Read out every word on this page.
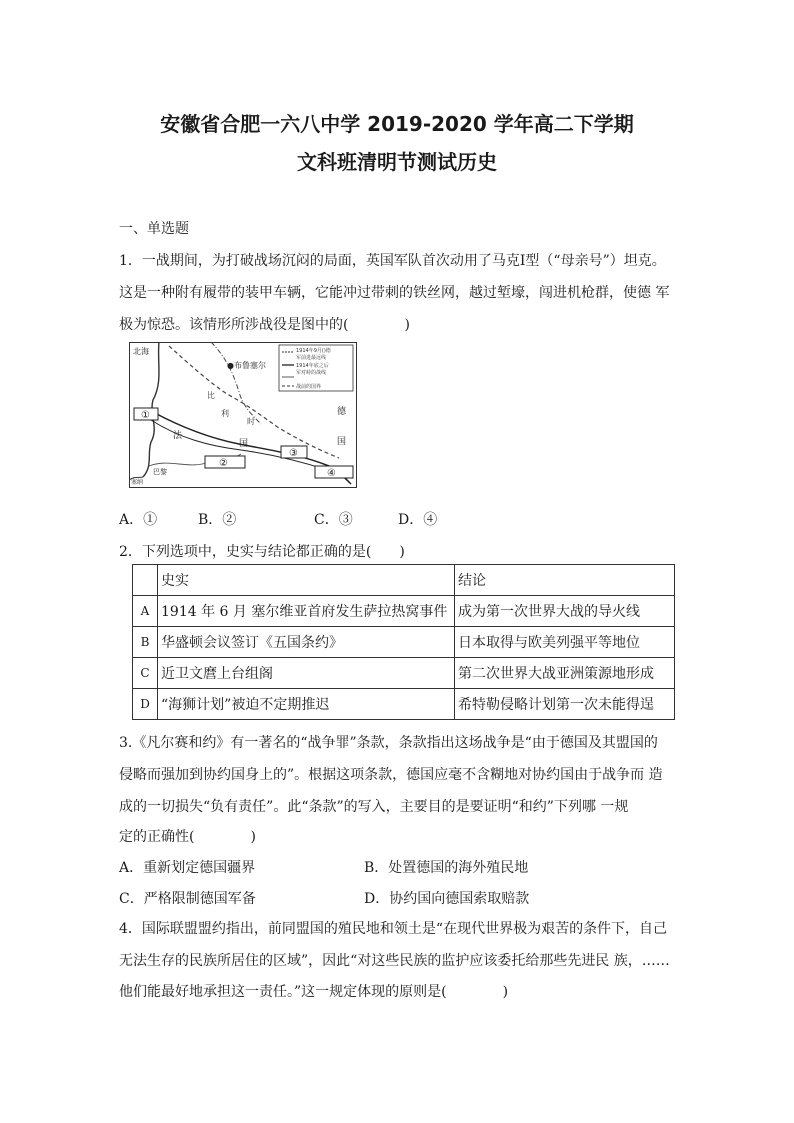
安徽省合肥一六八中学 2019-2020 学年高二下学期
文科班清明节测试历史
一、单选题
1．一战期间，为打破战场沉闷的局面，英国军队首次动用了马克Ⅰ型（“母亲号”）坦克。
这是一种附有履带的装甲车辆，它能冲过带刺的铁丝网，越过堑壕，闯进机枪群，使德 军
极为惊恐。该情形所涉战役是图中的(　　　　)
1914年9月()德
军前进最远线
1914年底之后
军对峙的战线
战前的国界
北海
●布鲁塞尔
比
利
时
法
国
德
国
巴黎
塞纳
①
②
③
④
A．①	B．②	C．③	D．④
2．下列选项中，史实与结论都正确的是(　　)
	史实	结论
A	1914 年 6 月 塞尔维亚首府发生萨拉热窝事件	成为第一次世界大战的导火线
B	华盛顿会议签订《五国条约》	日本取得与欧美列强平等地位
C	近卫文麿上台组阁	第二次世界大战亚洲策源地形成
D	“海狮计划”被迫不定期推迟	希特勒侵略计划第一次未能得逞
3.《凡尔赛和约》有一著名的“战争罪”条款，条款指出这场战争是“由于德国及其盟国的
侵略而强加到协约国身上的”。根据这项条款，德国应毫不含糊地对协约国由于战争而 造
成的一切损失“负有责任”。此“条款”的写入，主要目的是要证明“和约”下列哪 一规
定的正确性(　　　　)
A．重新划定德国疆界	B．处置德国的海外殖民地
C．严格限制德国军备	D．协约国向德国索取赔款
4．国际联盟盟约指出，前同盟国的殖民地和领土是“在现代世界极为艰苦的条件下，自己
无法生存的民族所居住的区域”，因此“对这些民族的监护应该委托给那些先进民 族，……
他们能最好地承担这一责任。”这一规定体现的原则是(　　　　)
